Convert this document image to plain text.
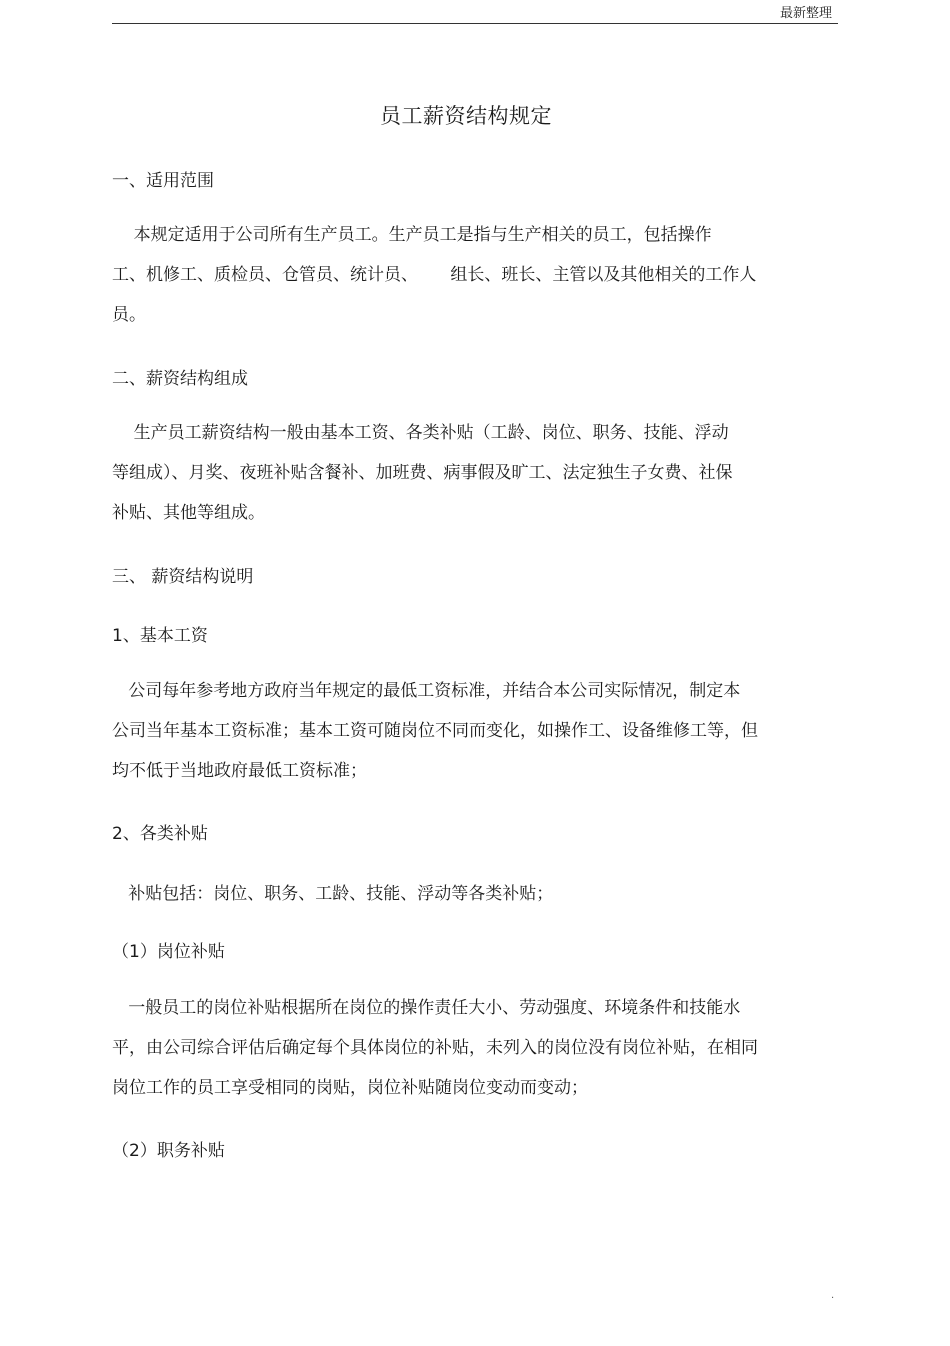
最新整理
员工薪资结构规定
一、适用范围
本规定适用于公司所有生产员工。生产员工是指与生产相关的员工，包括操作
工、机修工、质检员、仓管员、统计员、      组长、班长、主管以及其他相关的工作人
员。
二、薪资结构组成
生产员工薪资结构一般由基本工资、各类补贴（工龄、岗位、职务、技能、浮动
等组成）、月奖、夜班补贴含餐补、加班费、病事假及旷工、法定独生子女费、社保
补贴、其他等组成。
三、 薪资结构说明
1、基本工资
公司每年参考地方政府当年规定的最低工资标准，并结合本公司实际情况，制定本
公司当年基本工资标准；基本工资可随岗位不同而变化，如操作工、设备维修工等，但
均不低于当地政府最低工资标准；
2、各类补贴
补贴包括：岗位、职务、工龄、技能、浮动等各类补贴；
（1）岗位补贴
一般员工的岗位补贴根据所在岗位的操作责任大小、劳动强度、环境条件和技能水
平，由公司综合评估后确定每个具体岗位的补贴，未列入的岗位没有岗位补贴，在相同
岗位工作的员工享受相同的岗贴，岗位补贴随岗位变动而变动；
（2）职务补贴
.
